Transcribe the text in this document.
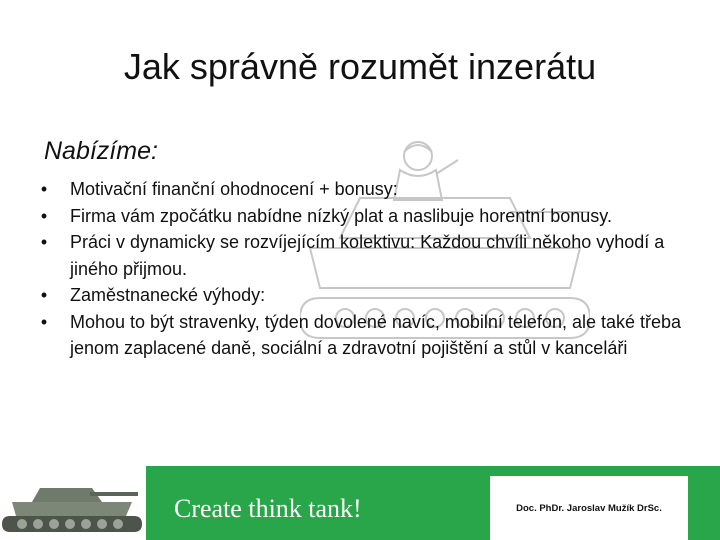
Jak správně rozumět inzerátu
Nabízíme:
• Motivační finanční ohodnocení + bonusy:
• Firma vám zpočátku nabídne nízký plat a naslibuje horentní bonusy.
• Práci v dynamicky se rozvíjejícím kolektivu: Každou chvíli někoho vyhodí a jiného přijmou.
• Zaměstnanecké výhody:
• Mohou to být stravenky, týden dovolené navíc, mobilní telefon, ale také třeba jenom zaplacené daně, sociální a zdravotní pojištění a stůl v kanceláři
Create think tank!	Doc. PhDr. Jaroslav Mužík DrSc.
